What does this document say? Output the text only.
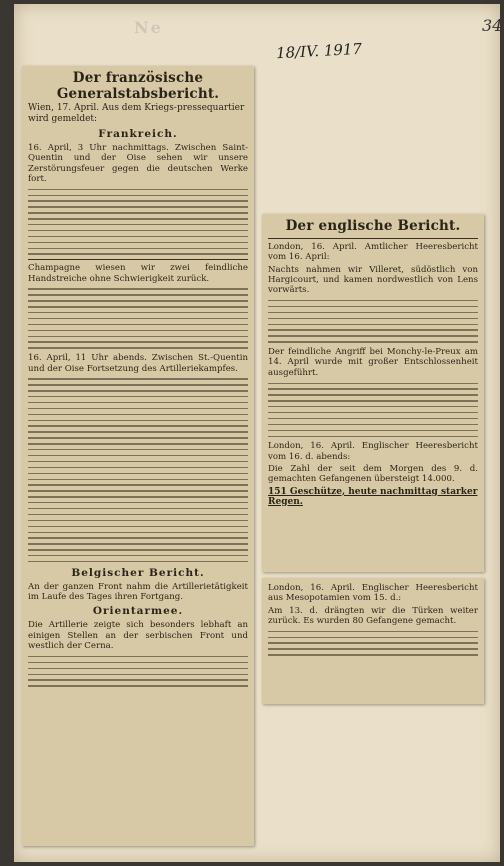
Ne
18/IV. 1917
34
Der französische Generalstabsbericht.
Wien, 17. April. Aus dem Kriegs-pressequartier wird gemeldet:
Frankreich.

16. April, 3 Uhr nachmittags. Zwischen Saint-Quentin und der Oise sehen wir unsere Zerstörungsfeuer gegen die deutschen Werke fort.

Champagne wiesen wir zwei feindliche Handstreiche ohne Schwierigkeit zurück.

16. April, 11 Uhr abends. Zwischen St.-Quentin und der Oise Fortsetzung des Artilleriekampfes.

Belgischer Bericht.

An der ganzen Front nahm die Artillerietätigkeit im Laufe des Tages ihren Fortgang.

Orientarmee.

Die Artillerie zeigte sich besonders lebhaft an einigen Stellen an der serbischen Front und westlich der Cerna.

Der englische Bericht.

London, 16. April. Amtlicher Heeresbericht vom 16. April:

Nachts nahmen wir Villeret, südöstlich von Hargicourt, und kamen nordwestlich von Lens vorwärts.

Der feindliche Angriff bei Monchy-le-Preux am 14. April wurde mit großer Entschlossenheit ausgeführt.

London, 16. April. Englischer Heeresbericht vom 16. d. abends:

Die Zahl der seit dem Morgen des 9. d. gemachten Gefangenen übersteigt 14.000.

151 Geschütze, heute nachmittag starker Regen.

London, 16. April. Englischer Heeresbericht aus Mesopotamien vom 15. d.:

Am 13. d. drängten wir die Türken weiter zurück. Es wurden 80 Gefangene gemacht.
